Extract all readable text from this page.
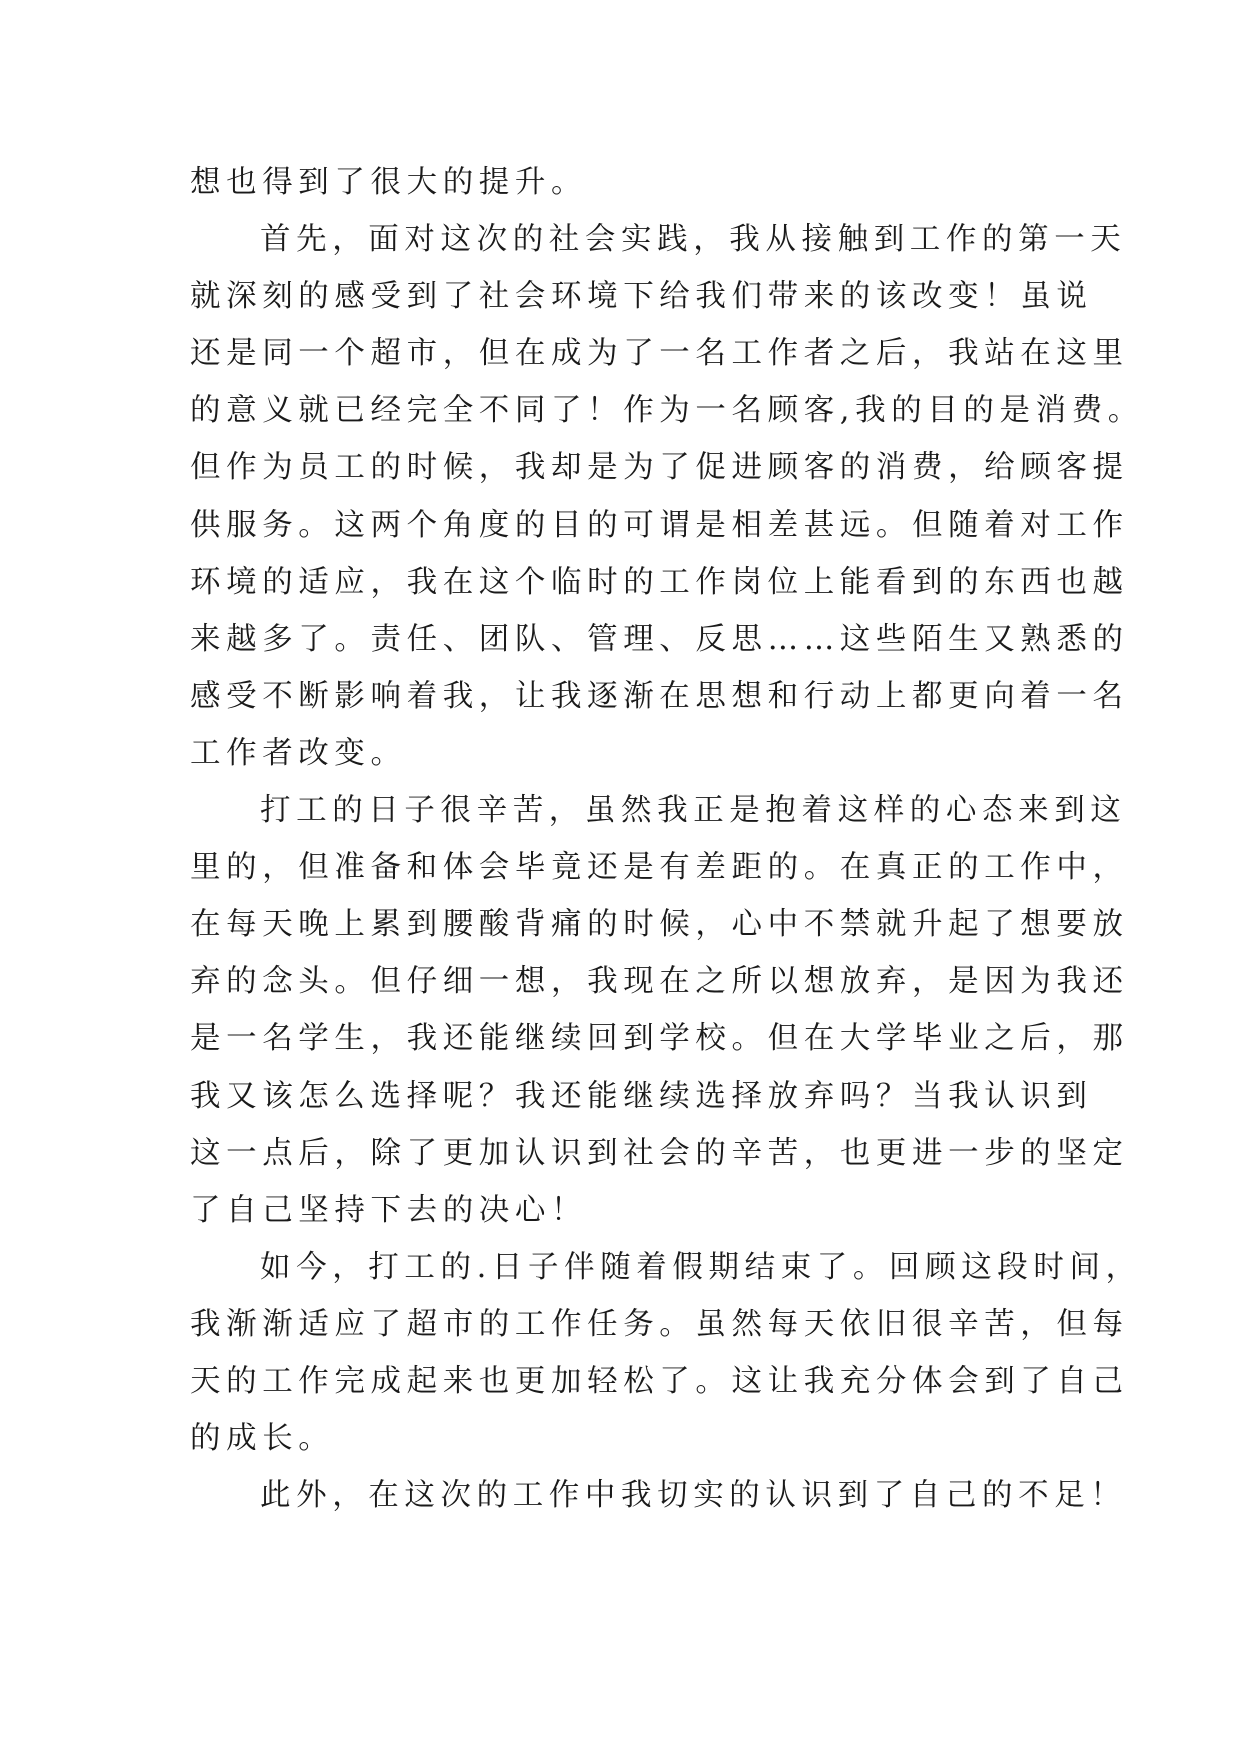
想也得到了很大的提升。
首先，面对这次的社会实践，我从接触到工作的第一天
就深刻的感受到了社会环境下给我们带来的该改变！虽说
还是同一个超市，但在成为了一名工作者之后，我站在这里
的意义就已经完全不同了！作为一名顾客,我的目的是消费。
但作为员工的时候，我却是为了促进顾客的消费，给顾客提
供服务。这两个角度的目的可谓是相差甚远。但随着对工作
环境的适应，我在这个临时的工作岗位上能看到的东西也越
来越多了。责任、团队、管理、反思……这些陌生又熟悉的
感受不断影响着我，让我逐渐在思想和行动上都更向着一名
工作者改变。
打工的日子很辛苦，虽然我正是抱着这样的心态来到这
里的，但准备和体会毕竟还是有差距的。在真正的工作中，
在每天晚上累到腰酸背痛的时候，心中不禁就升起了想要放
弃的念头。但仔细一想，我现在之所以想放弃，是因为我还
是一名学生，我还能继续回到学校。但在大学毕业之后，那
我又该怎么选择呢？我还能继续选择放弃吗？当我认识到
这一点后，除了更加认识到社会的辛苦，也更进一步的坚定
了自己坚持下去的决心！
如今，打工的.日子伴随着假期结束了。回顾这段时间，
我渐渐适应了超市的工作任务。虽然每天依旧很辛苦，但每
天的工作完成起来也更加轻松了。这让我充分体会到了自己
的成长。
此外，在这次的工作中我切实的认识到了自己的不足！
